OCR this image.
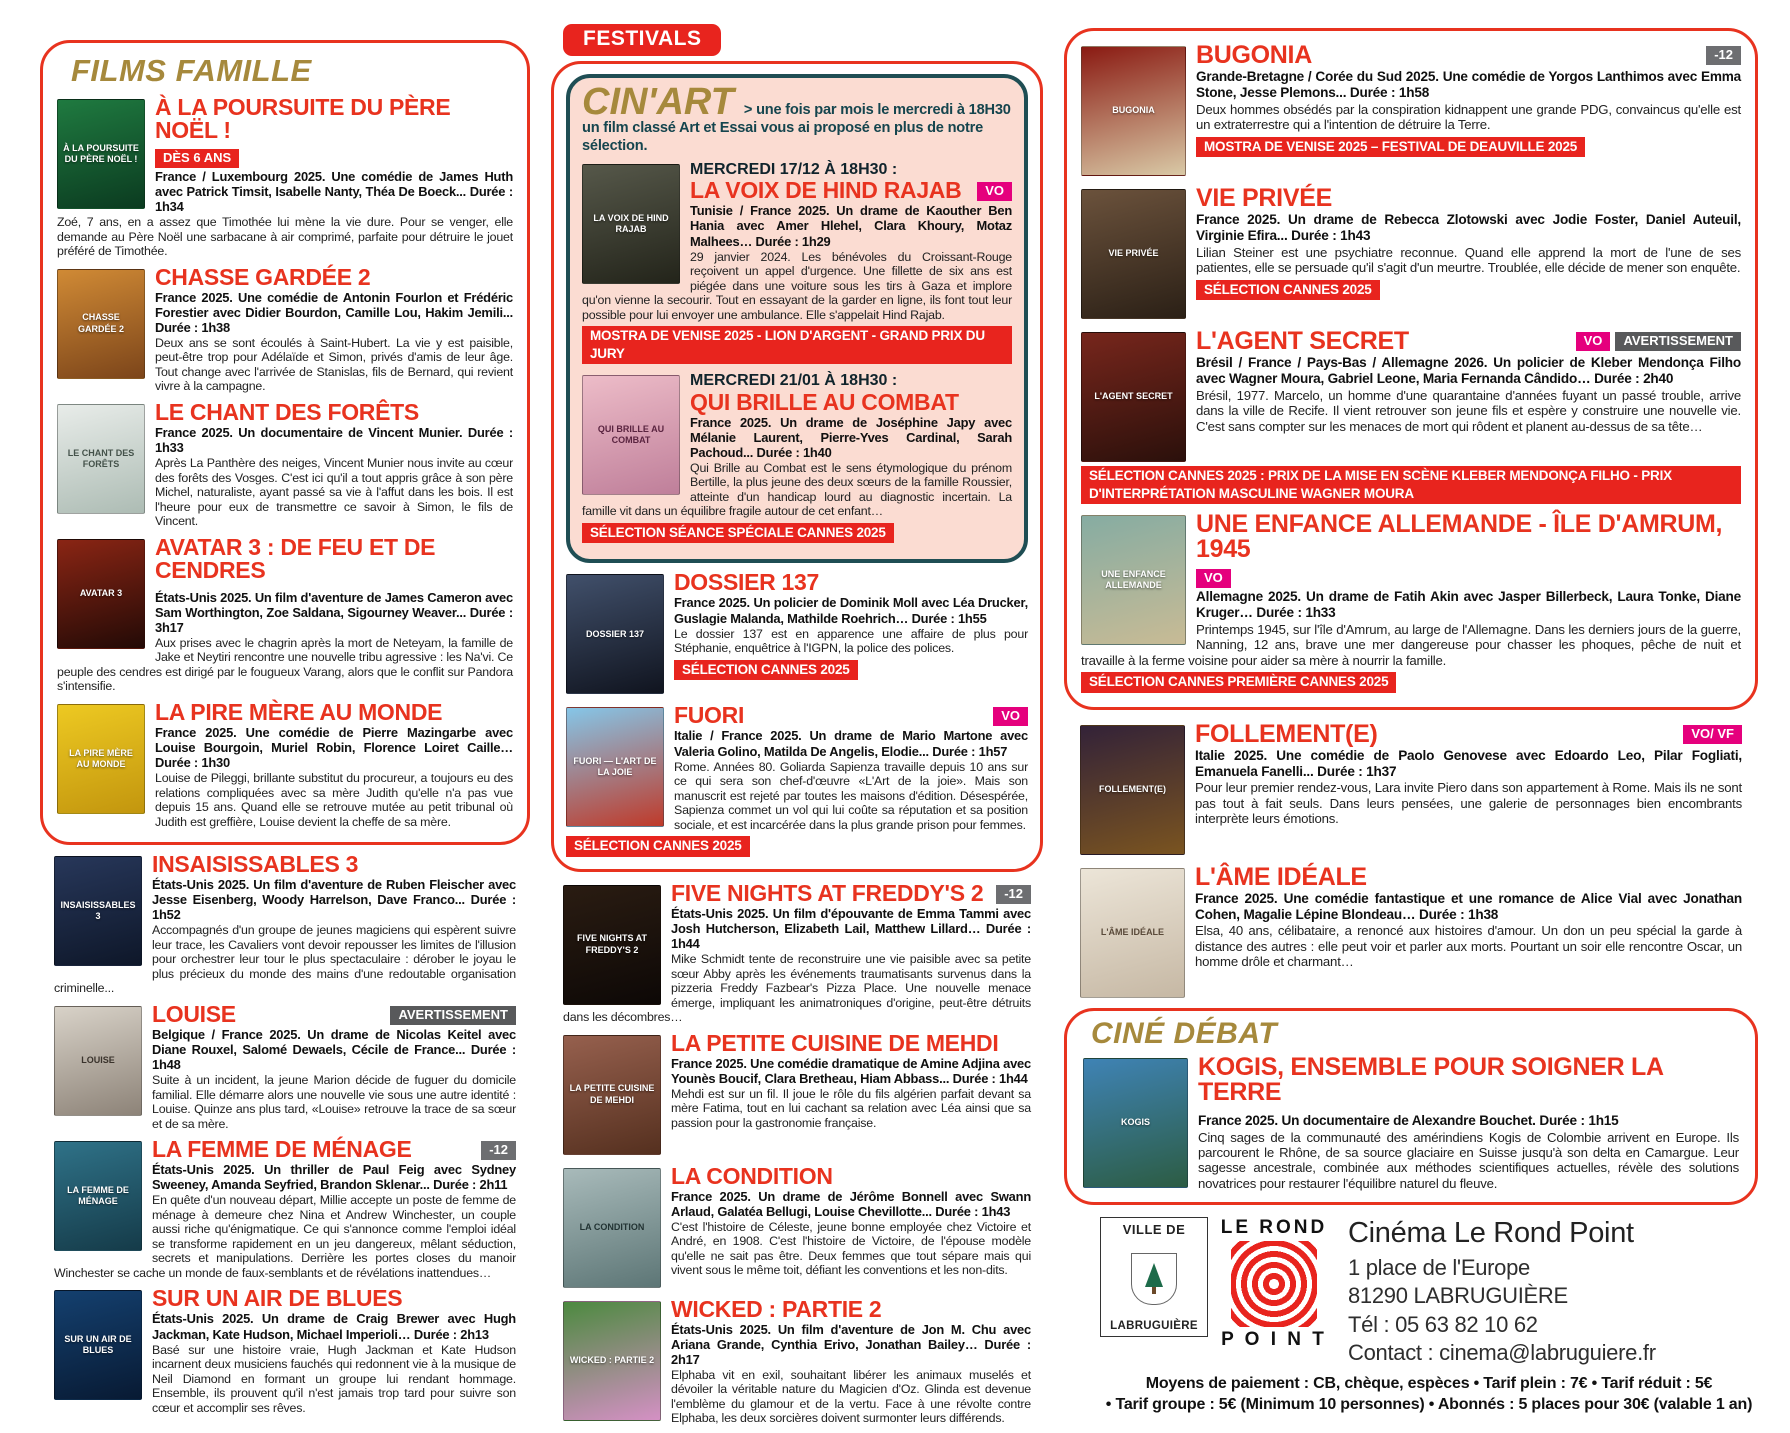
FILMS FAMILLE
À LA POURSUITE DU PÈRE NOËL !
À LA POURSUITE DU PÈRE NOËL !
DÈS 6 ANS

France / Luxembourg 2025. Une comédie de James Huth avec Patrick Timsit, Isabelle Nanty, Théa De Boeck... Durée : 1h34

Zoé, 7 ans, en a assez que Timothée lui mène la vie dure. Pour se venger, elle demande au Père Noël une sarbacane à air comprimé, parfaite pour détruire le jouet préféré de Timothée.

CHASSE GARDÉE 2
CHASSE GARDÉE 2

France 2025. Une comédie de Antonin Fourlon et Frédéric Forestier avec Didier Bourdon, Camille Lou, Hakim Jemili... Durée : 1h38

Deux ans se sont écoulés à Saint-Hubert. La vie y est paisible, peut-être trop pour Adélaïde et Simon, privés d'amis de leur âge. Tout change avec l'arrivée de Stanislas, fils de Bernard, qui revient vivre à la campagne.

LE CHANT DES FORÊTS
LE CHANT DES FORÊTS

France 2025. Un documentaire de Vincent Munier. Durée : 1h33

Après La Panthère des neiges, Vincent Munier nous invite au cœur des forêts des Vosges. C'est ici qu'il a tout appris grâce à son père Michel, naturaliste, ayant passé sa vie à l'affut dans les bois. Il est l'heure pour eux de transmettre ce savoir à Simon, le fils de Vincent.

AVATAR 3
AVATAR 3 : DE FEU ET DE CENDRES

États-Unis 2025. Un film d'aventure de James Cameron avec Sam Worthington, Zoe Saldana, Sigourney Weaver... Durée : 3h17

Aux prises avec le chagrin après la mort de Neteyam, la famille de Jake et Neytiri rencontre une nouvelle tribu agressive : les Na'vi. Ce peuple des cendres est dirigé par le fougueux Varang, alors que le conflit sur Pandora s'intensifie.

LA PIRE MÈRE AU MONDE
LA PIRE MÈRE AU MONDE

France 2025. Une comédie de Pierre Mazingarbe avec Louise Bourgoin, Muriel Robin, Florence Loiret Caille… Durée : 1h30

Louise de Pileggi, brillante substitut du procureur, a toujours eu des relations compliquées avec sa mère Judith qu'elle n'a pas vue depuis 15 ans. Quand elle se retrouve mutée au petit tribunal où Judith est greffière, Louise devient la cheffe de sa mère.

INSAISISSABLES 3
INSAISISSABLES 3

États-Unis 2025. Un film d'aventure de Ruben Fleischer avec Jesse Eisenberg, Woody Harrelson, Dave Franco... Durée : 1h52

Accompagnés d'un groupe de jeunes magiciens qui espèrent suivre leur trace, les Cavaliers vont devoir repousser les limites de l'illusion pour orchestrer leur tour le plus spectaculaire : dérober le joyau le plus précieux du monde des mains d'une redoutable organisation criminelle...

LOUISE
LOUISE	AVERTISSEMENT

Belgique / France 2025. Un drame de Nicolas Keitel avec Diane Rouxel, Salomé Dewaels, Cécile de France... Durée : 1h48

Suite à un incident, la jeune Marion décide de fuguer du domicile familial. Elle démarre alors une nouvelle vie sous une autre identité : Louise. Quinze ans plus tard, «Louise» retrouve la trace de sa sœur et de sa mère.

LA FEMME DE MÉNAGE
LA FEMME DE MÉNAGE	-12

États-Unis 2025. Un thriller de Paul Feig avec Sydney Sweeney, Amanda Seyfried, Brandon Sklenar... Durée : 2h11

En quête d'un nouveau départ, Millie accepte un poste de femme de ménage à demeure chez Nina et Andrew Winchester, un couple aussi riche qu'énigmatique. Ce qui s'annonce comme l'emploi idéal se transforme rapidement en un jeu dangereux, mêlant séduction, secrets et manipulations. Derrière les portes closes du manoir Winchester se cache un monde de faux-semblants et de révélations inattendues…

SUR UN AIR DE BLUES
SUR UN AIR DE BLUES

États-Unis 2025. Un drame de Craig Brewer avec Hugh Jackman, Kate Hudson, Michael Imperioli… Durée : 2h13

Basé sur une histoire vraie, Hugh Jackman et Kate Hudson incarnent deux musiciens fauchés qui redonnent vie à la musique de Neil Diamond en formant un groupe lui rendant hommage. Ensemble, ils prouvent qu'il n'est jamais trop tard pour suivre son cœur et accomplir ses rêves.

FESTIVALS
CIN'ART > une fois par mois le mercredi à 18H30 un film classé Art et Essai vous ai proposé en plus de notre sélection.
LA VOIX DE HIND RAJAB
MERCREDI 17/12 À 18H30 :
LA VOIX DE HIND RAJAB	VO

Tunisie / France 2025. Un drame de Kaouther Ben Hania avec Amer Hlehel, Clara Khoury, Motaz Malhees… Durée : 1h29

29 janvier 2024. Les bénévoles du Croissant-Rouge reçoivent un appel d'urgence. Une fillette de six ans est piégée dans une voiture sous les tirs à Gaza et implore qu'on vienne la secourir. Tout en essayant de la garder en ligne, ils font tout leur possible pour lui envoyer une ambulance. Elle s'appelait Hind Rajab.

MOSTRA DE VENISE 2025 - LION D'ARGENT - GRAND PRIX DU JURY
QUI BRILLE AU COMBAT
MERCREDI 21/01 À 18H30 :
QUI BRILLE AU COMBAT

France 2025. Un drame de Joséphine Japy avec Mélanie Laurent, Pierre-Yves Cardinal, Sarah Pachoud... Durée : 1h40

Qui Brille au Combat est le sens étymologique du prénom Bertille, la plus jeune des deux sœurs de la famille Roussier, atteinte d'un handicap lourd au diagnostic incertain. La famille vit dans un équilibre fragile autour de cet enfant…

SÉLECTION SÉANCE SPÉCIALE CANNES 2025
DOSSIER 137
DOSSIER 137

France 2025. Un policier de Dominik Moll avec Léa Drucker, Guslagie Malanda, Mathilde Roehrich… Durée : 1h55

Le dossier 137 est en apparence une affaire de plus pour Stéphanie, enquêtrice à l'IGPN, la police des polices.

SÉLECTION CANNES 2025
FUORI — L'ART DE LA JOIE
FUORI	VO

Italie / France 2025. Un drame de Mario Martone avec Valeria Golino, Matilda De Angelis, Elodie... Durée : 1h57

Rome. Années 80. Goliarda Sapienza travaille depuis 10 ans sur ce qui sera son chef-d'œuvre «L'Art de la joie». Mais son manuscrit est rejeté par toutes les maisons d'édition. Désespérée, Sapienza commet un vol qui lui coûte sa réputation et sa position sociale, et est incarcérée dans la plus grande prison pour femmes.

SÉLECTION CANNES 2025
FIVE NIGHTS AT FREDDY'S 2
FIVE NIGHTS AT FREDDY'S 2	-12

États-Unis 2025. Un film d'épouvante de Emma Tammi avec Josh Hutcherson, Elizabeth Lail, Matthew Lillard… Durée : 1h44

Mike Schmidt tente de reconstruire une vie paisible avec sa petite sœur Abby après les événements traumatisants survenus dans la pizzeria Freddy Fazbear's Pizza Place. Une nouvelle menace émerge, impliquant les animatroniques d'origine, peut-être détruits dans les décombres…

LA PETITE CUISINE DE MEHDI
LA PETITE CUISINE DE MEHDI

France 2025. Une comédie dramatique de Amine Adjina avec Younès Boucif, Clara Bretheau, Hiam Abbass... Durée : 1h44

Mehdi est sur un fil. Il joue le rôle du fils algérien parfait devant sa mère Fatima, tout en lui cachant sa relation avec Léa ainsi que sa passion pour la gastronomie française.

LA CONDITION
LA CONDITION

France 2025. Un drame de Jérôme Bonnell avec Swann Arlaud, Galatéa Bellugi, Louise Chevillotte... Durée : 1h43

C'est l'histoire de Céleste, jeune bonne employée chez Victoire et André, en 1908. C'est l'histoire de Victoire, de l'épouse modèle qu'elle ne sait pas être. Deux femmes que tout sépare mais qui vivent sous le même toit, défiant les conventions et les non-dits.

WICKED : PARTIE 2
WICKED : PARTIE 2

États-Unis 2025. Un film d'aventure de Jon M. Chu avec Ariana Grande, Cynthia Erivo, Jonathan Bailey… Durée : 2h17

Elphaba vit en exil, souhaitant libérer les animaux muselés et dévoiler la véritable nature du Magicien d'Oz. Glinda est devenue l'emblème du glamour et de la vertu. Face à une révolte contre Elphaba, les deux sorcières doivent surmonter leurs différends.

BUGONIA
BUGONIA	-12

Grande-Bretagne / Corée du Sud 2025. Une comédie de Yorgos Lanthimos avec Emma Stone, Jesse Plemons... Durée : 1h58

Deux hommes obsédés par la conspiration kidnappent une grande PDG, convaincus qu'elle est un extraterrestre qui a l'intention de détruire la Terre.

MOSTRA DE VENISE 2025 – FESTIVAL DE DEAUVILLE 2025
VIE PRIVÉE
VIE PRIVÉE

France 2025. Un drame de Rebecca Zlotowski avec Jodie Foster, Daniel Auteuil, Virginie Efira... Durée : 1h43

Lilian Steiner est une psychiatre reconnue. Quand elle apprend la mort de l'une de ses patientes, elle se persuade qu'il s'agit d'un meurtre. Troublée, elle décide de mener son enquête.

SÉLECTION CANNES 2025
L'AGENT SECRET
L'AGENT SECRET	VO	AVERTISSEMENT

Brésil / France / Pays-Bas / Allemagne 2026. Un policier de Kleber Mendonça Filho avec Wagner Moura, Gabriel Leone, Maria Fernanda Cândido… Durée : 2h40

Brésil, 1977. Marcelo, un homme d'une quarantaine d'années fuyant un passé trouble, arrive dans la ville de Recife. Il vient retrouver son jeune fils et espère y construire une nouvelle vie. C'est sans compter sur les menaces de mort qui rôdent et planent au-dessus de sa tête…

SÉLECTION CANNES 2025 : PRIX DE LA MISE EN SCÈNE KLEBER MENDONÇA FILHO - PRIX D'INTERPRÉTATION MASCULINE WAGNER MOURA
UNE ENFANCE ALLEMANDE
UNE ENFANCE ALLEMANDE - ÎLE D'AMRUM, 1945
VO

Allemagne 2025. Un drame de Fatih Akin avec Jasper Billerbeck, Laura Tonke, Diane Kruger… Durée : 1h33

Printemps 1945, sur l'île d'Amrum, au large de l'Allemagne. Dans les derniers jours de la guerre, Nanning, 12 ans, brave une mer dangereuse pour chasser les phoques, pêche de nuit et travaille à la ferme voisine pour aider sa mère à nourrir la famille.

SÉLECTION CANNES PREMIÈRE CANNES 2025
FOLLEMENT(E)
FOLLEMENT(E)	VO/ VF

Italie 2025. Une comédie de Paolo Genovese avec Edoardo Leo, Pilar Fogliati, Emanuela Fanelli... Durée : 1h37

Pour leur premier rendez-vous, Lara invite Piero dans son appartement à Rome. Mais ils ne sont pas tout à fait seuls. Dans leurs pensées, une galerie de personnages bien encombrants interprète leurs émotions.

L'ÂME IDÉALE
L'ÂME IDÉALE

France 2025. Une comédie fantastique et une romance de Alice Vial avec Jonathan Cohen, Magalie Lépine Blondeau… Durée : 1h38

Elsa, 40 ans, célibataire, a renoncé aux histoires d'amour. Un don un peu spécial la garde à distance des autres : elle peut voir et parler aux morts. Pourtant un soir elle rencontre Oscar, un homme drôle et charmant…

CINÉ DÉBAT
KOGIS
KOGIS, ENSEMBLE POUR SOIGNER LA TERRE

France 2025. Un documentaire de Alexandre Bouchet. Durée : 1h15

Cinq sages de la communauté des amérindiens Kogis de Colombie arrivent en Europe. Ils parcourent le Rhône, de sa source glaciaire en Suisse jusqu'à son delta en Camargue. Leur sagesse ancestrale, combinée aux méthodes scientifiques actuelles, révèle des solutions novatrices pour restaurer l'équilibre naturel du fleuve.

VILLE DE
LABRUGUIÈRE
LE ROND
P O I N T
Cinéma Le Rond Point
1 place de l'Europe
81290 LABRUGUIÈRE
Tél : 05 63 82 10 62
Contact : cinema@labruguiere.fr
Moyens de paiement : CB, chèque, espèces • Tarif plein : 7€ • Tarif réduit : 5€
• Tarif groupe : 5€ (Minimum 10 personnes) • Abonnés : 5 places pour 30€ (valable 1 an)
